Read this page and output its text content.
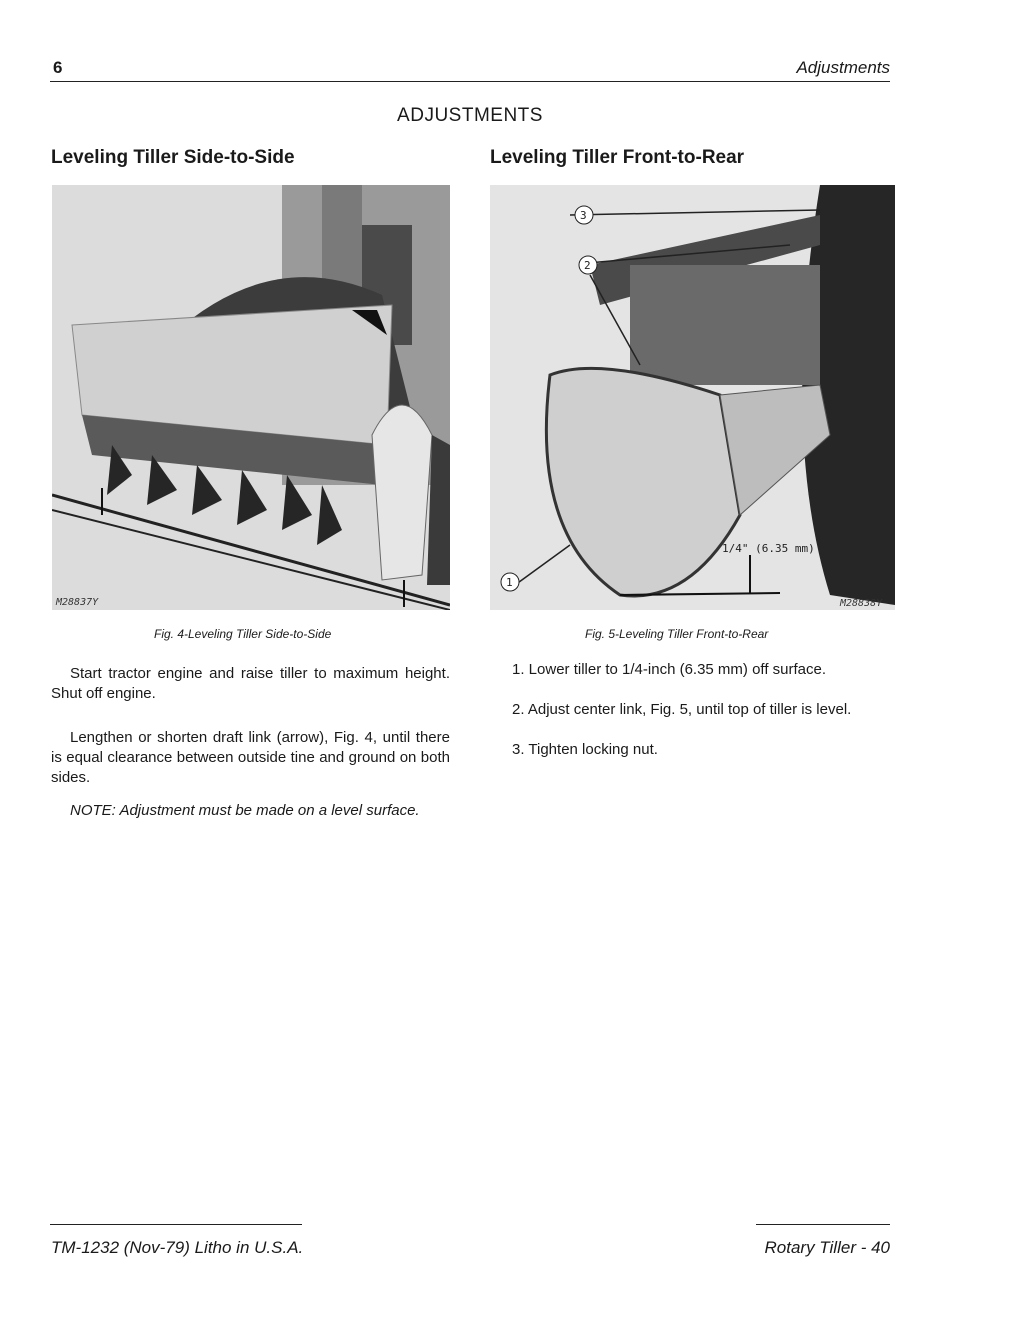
6	Adjustments
ADJUSTMENTS
Leveling Tiller Side-to-Side	Leveling Tiller Front-to-Rear
M28837Y
3
2
1
1/4" (6.35 mm)
M28838Y
Fig. 4-Leveling Tiller Side-to-Side	Fig. 5-Leveling Tiller Front-to-Rear
Start tractor engine and raise tiller to maximum height. Shut off engine.
Lengthen or shorten draft link (arrow), Fig. 4, until there is equal clearance between outside tine and ground on both sides.
NOTE: Adjustment must be made on a level surface.
1. Lower tiller to 1/4-inch (6.35 mm) off surface.
2. Adjust center link, Fig. 5, until top of tiller is level.
3. Tighten locking nut.
TM-1232 (Nov-79) Litho in U.S.A.	Rotary Tiller - 40
